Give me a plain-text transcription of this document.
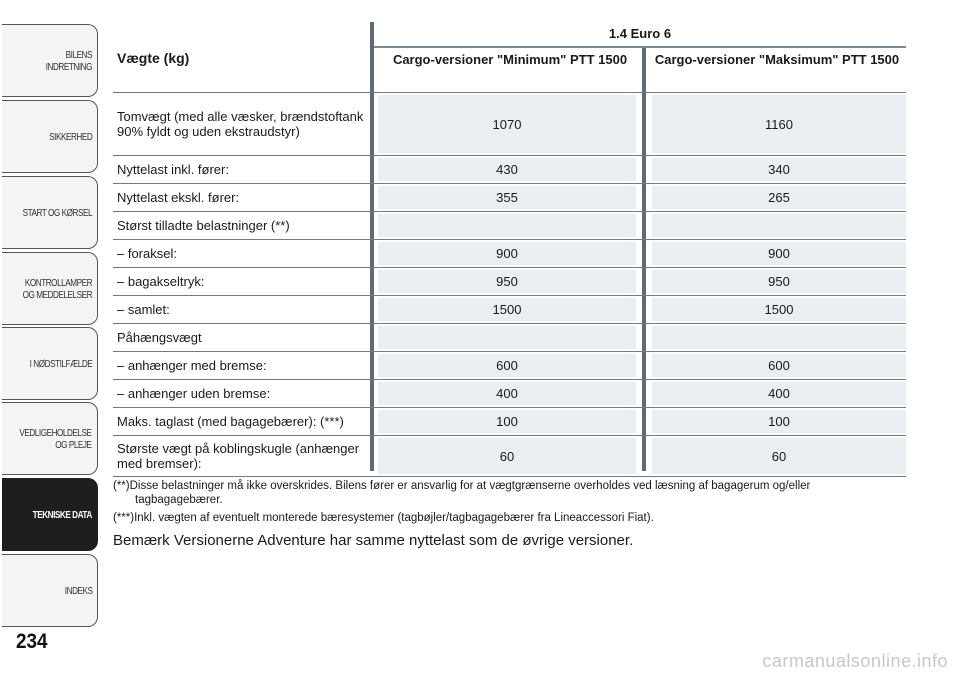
BILENS INDRETNING
SIKKERHED
START OG KØRSEL
KONTROLLAMPER
OG MEDDELELSER
I NØDSTILFÆLDE
VEDLIGEHOLDELSE
OG PLEJE
TEKNISKE DATA
INDEKS
234
Vægte (kg)
1.4 Euro 6
Cargo-versioner "Minimum" PTT 1500	Cargo-versioner "Maksimum" PTT 1500
Tomvægt (med alle væsker, brændstoftank 90% fyldt og uden ekstraudstyr)	1070	1160
Nyttelast inkl. fører:	430	340
Nyttelast ekskl. fører:	355	265
Størst tilladte belastninger (**)
– foraksel:	900	900
– bagakseltryk:	950	950
– samlet:	1500	1500
Påhængsvægt
– anhænger med bremse:	600	600
– anhænger uden bremse:	400	400
Maks. taglast (med bagagebærer): (***)	100	100
Største vægt på koblingskugle (anhænger med bremser):	60	60

(**)Disse belastninger må ikke overskrides. Bilens fører er ansvarlig for at vægtgrænserne overholdes ved læsning af bagagerum og/eller

tagbagagebærer.

(***)Inkl. vægten af eventuelt monterede bæresystemer (tagbøjler/tagbagagebærer fra Lineaccessori Fiat).

Bemærk Versionerne Adventure har samme nyttelast som de øvrige versioner.
carmanualsonline.info
